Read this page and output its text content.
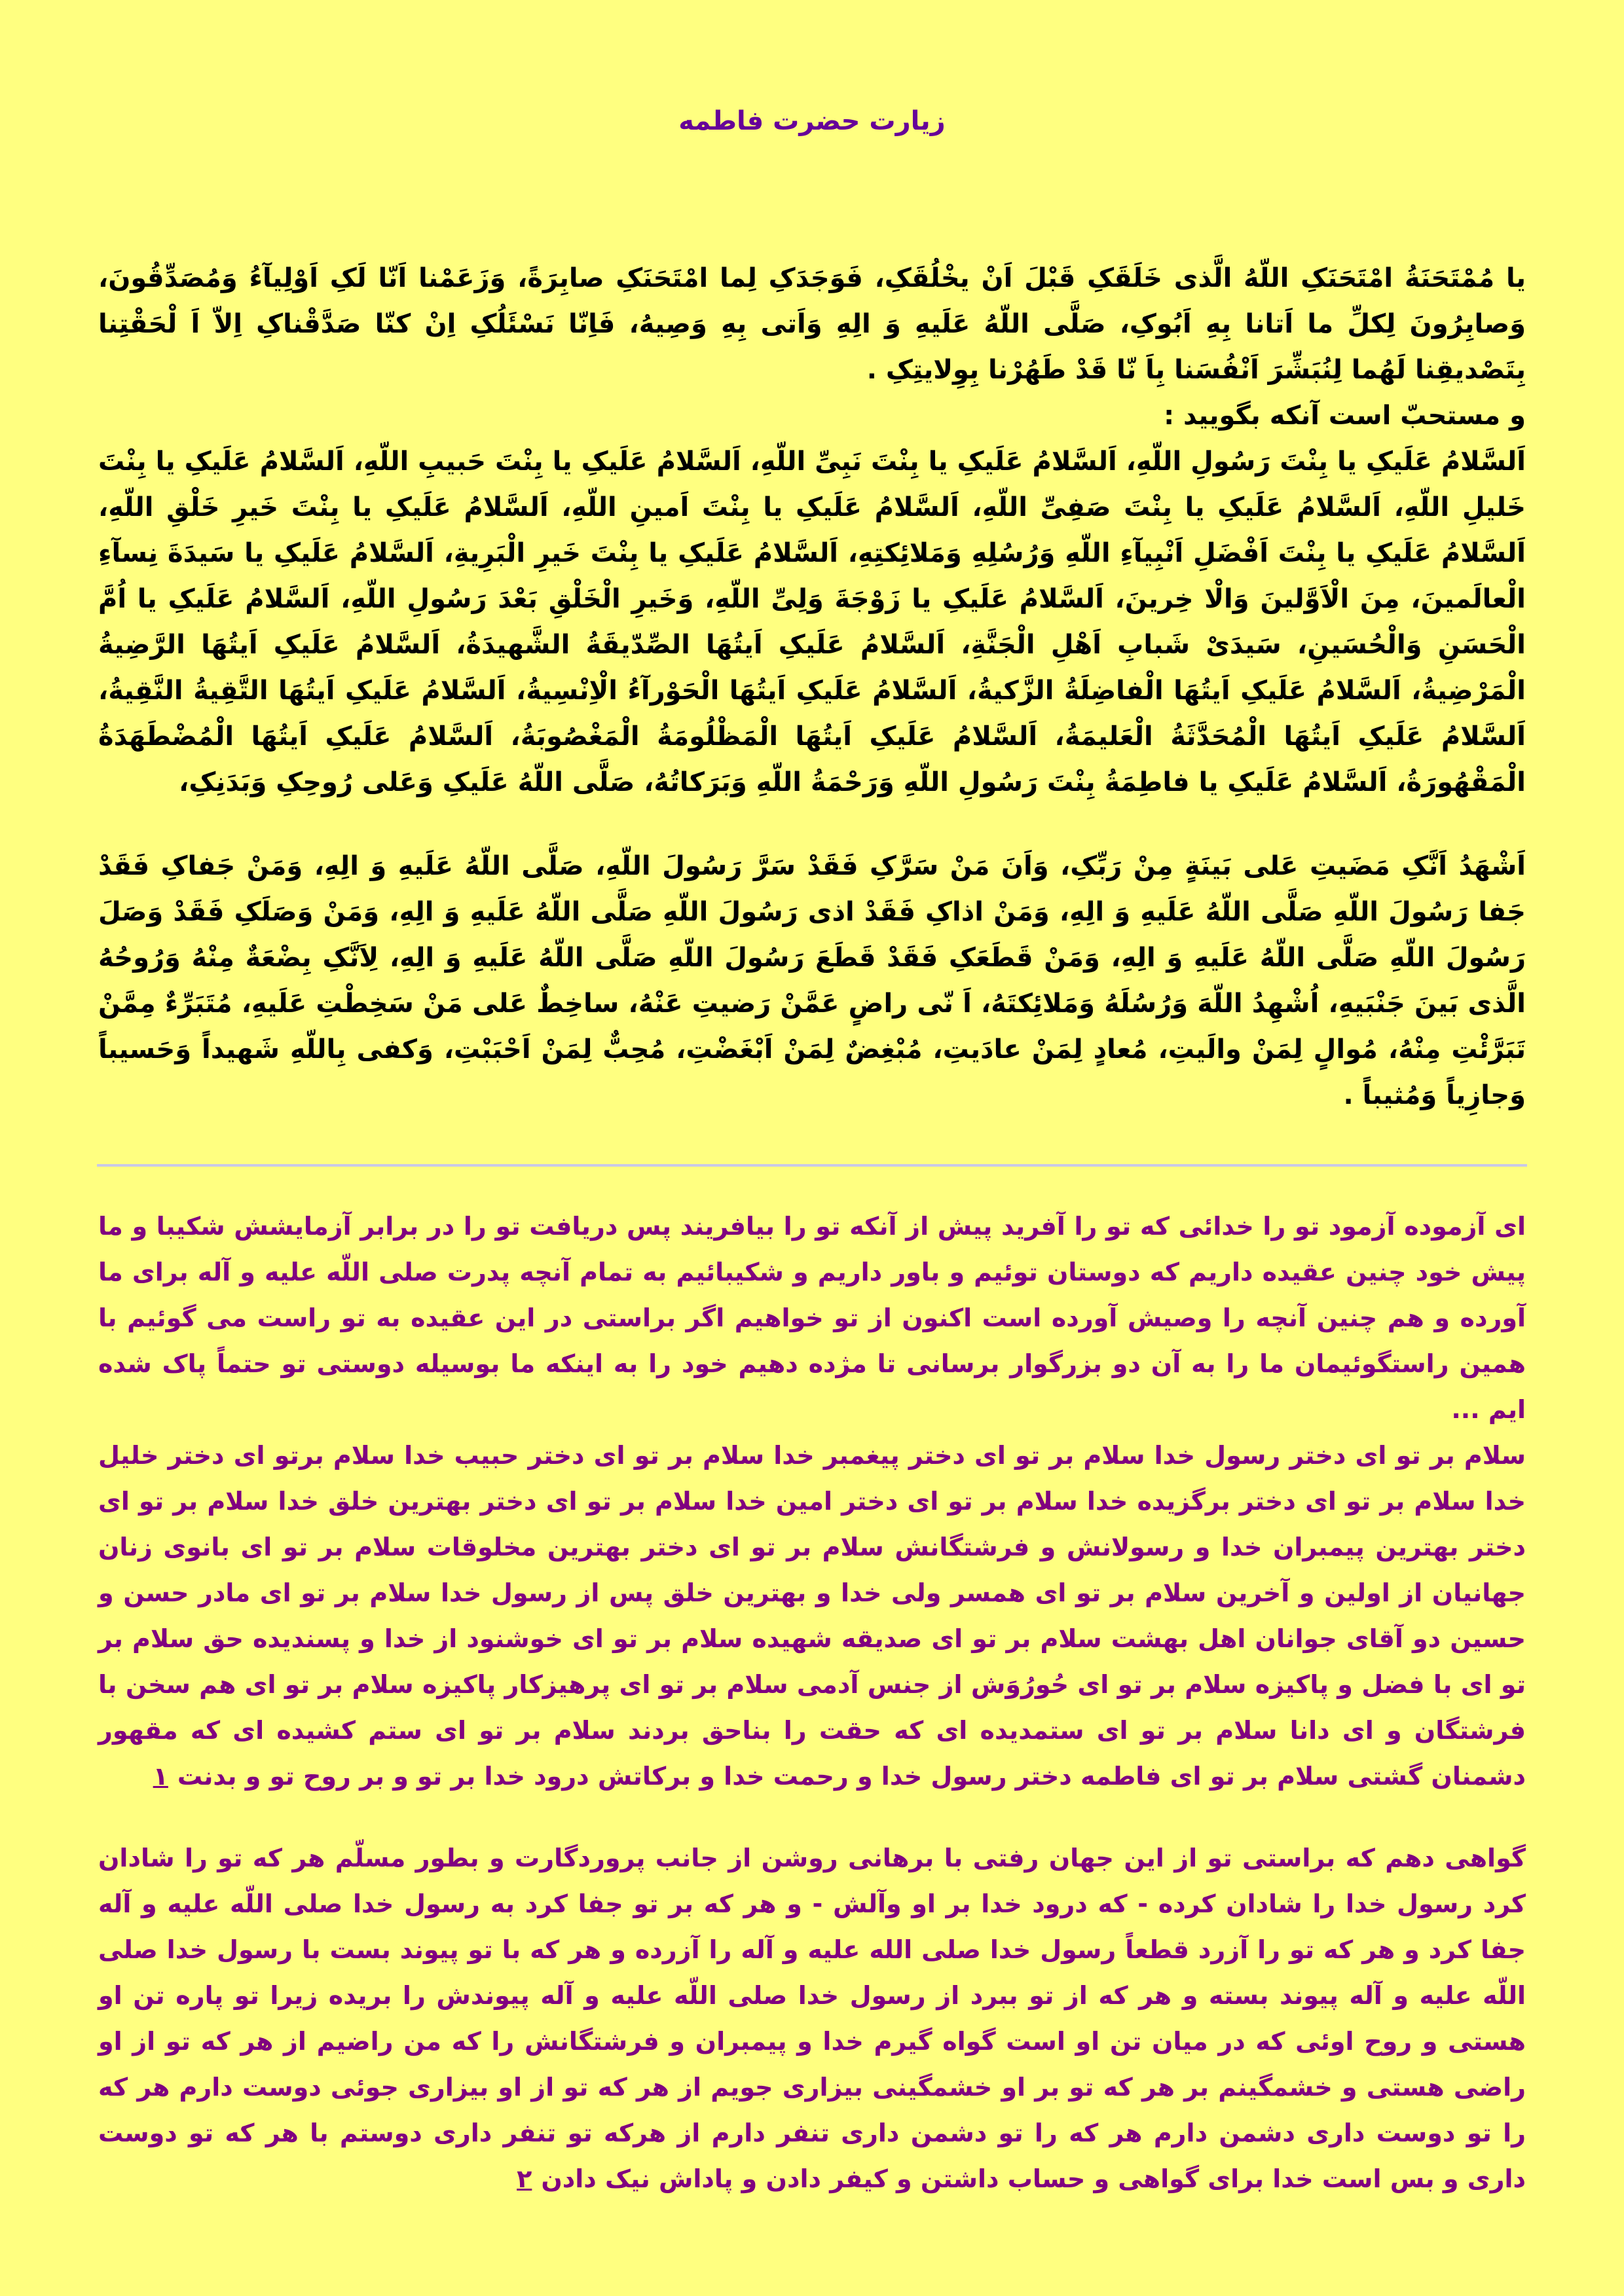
زیارت حضرت فاطمه

یا مُمْتَحَنَةُ امْتَحَنَکِ اللّهُ الَّذی خَلَقَکِ قَبْلَ اَنْ یخْلُقَکِ، فَوَجَدَکِ لِما امْتَحَنَکِ صابِرَةً، وَزَعَمْنا اَنّا لَکِ اَوْلِیآءُ وَمُصَدِّقُونَ، وَصابِرُونَ لِکلِّ ما اَتانا بِهِ اَبُوکِ، صَلَّی اللّهُ عَلَیهِ وَ الِهِ وَاَتی بِهِ وَصِیهُ، فَاِنّا نَسْئَلُکِ اِنْ کنّا صَدَّقْناکِ اِلاّ اَ لْحَقْتِنا بِتَصْدیقِنا لَهُما لِنُبَشِّرَ اَنْفُسَنا بِاَ نّا قَدْ طَهُرْنا بِوِلایتِکِ .

و مستحبّ است آنکه بگویید :

اَلسَّلامُ عَلَیکِ یا بِنْتَ رَسُولِ اللّهِ، اَلسَّلامُ عَلَیکِ یا بِنْتَ نَبِیِّ اللّهِ، اَلسَّلامُ عَلَیکِ یا بِنْتَ حَبیبِ اللّهِ، اَلسَّلامُ عَلَیکِ یا بِنْتَ خَلیلِ اللّهِ، اَلسَّلامُ عَلَیکِ یا بِنْتَ صَفِیِّ اللّهِ، اَلسَّلامُ عَلَیکِ یا بِنْتَ اَمینِ اللّهِ، اَلسَّلامُ عَلَیکِ یا بِنْتَ خَیرِ خَلْقِ اللّهِ، اَلسَّلامُ عَلَیکِ یا بِنْتَ اَفْضَلِ اَنْبِیآءِ اللّهِ وَرُسُلِهِ وَمَلائِکتِهِ، اَلسَّلامُ عَلَیکِ یا بِنْتَ خَیرِ الْبَرِیةِ، اَلسَّلامُ عَلَیکِ یا سَیدَةَ نِسآءِ الْعالَمینَ، مِنَ الْاَوَّلینَ وَالْا خِرینَ، اَلسَّلامُ عَلَیکِ یا زَوْجَةَ وَلِیِّ اللّهِ، وَخَیرِ الْخَلْقِ بَعْدَ رَسُولِ اللّهِ، اَلسَّلامُ عَلَیکِ یا اُمَّ الْحَسَنِ وَالْحُسَینِ، سَیدَیْ شَبابِ اَهْلِ الْجَنَّةِ، اَلسَّلامُ عَلَیکِ اَیتُهَا الصِّدّیقَةُ الشَّهیدَةُ، اَلسَّلامُ عَلَیکِ اَیتُهَا الرَّضِیةُ الْمَرْضِیةُ، اَلسَّلامُ عَلَیکِ اَیتُهَا الْفاضِلَةُ الزَّکیةُ، اَلسَّلامُ عَلَیکِ اَیتُهَا الْحَوْرآءُ الْاِنْسِیةُ، اَلسَّلامُ عَلَیکِ اَیتُهَا التَّقِیةُ النَّقِیةُ، اَلسَّلامُ عَلَیکِ اَیتُهَا الْمُحَدَّثَةُ الْعَلیمَةُ، اَلسَّلامُ عَلَیکِ اَیتُهَا الْمَظْلُومَةُ الْمَغْصُوبَةُ، اَلسَّلامُ عَلَیکِ اَیتُهَا الْمُضْطَهَدَةُ الْمَقْهُورَةُ، اَلسَّلامُ عَلَیکِ یا فاطِمَةُ بِنْتَ رَسُولِ اللّهِ وَرَحْمَةُ اللّهِ وَبَرَکاتُهُ، صَلَّی اللّهُ عَلَیکِ وَعَلی رُوحِکِ وَبَدَنِکِ،

اَشْهَدُ اَنَّکِ مَضَیتِ عَلی بَینَةٍ مِنْ رَبِّکِ، وَاَنَ مَنْ سَرَّکِ فَقَدْ سَرَّ رَسُولَ اللّهِ، صَلَّی اللّهُ عَلَیهِ وَ الِهِ، وَمَنْ جَفاکِ فَقَدْ جَفا رَسُولَ اللّهِ صَلَّی اللّهُ عَلَیهِ وَ الِهِ، وَمَنْ اذاکِ فَقَدْ اذی رَسُولَ اللّهِ صَلَّی اللّهُ عَلَیهِ وَ الِهِ، وَمَنْ وَصَلَکِ فَقَدْ وَصَلَ رَسُولَ اللّهِ صَلَّی اللّهُ عَلَیهِ وَ الِهِ، وَمَنْ قَطَعَکِ فَقَدْ قَطَعَ رَسُولَ اللّهِ صَلَّی اللّهُ عَلَیهِ وَ الِهِ، لِاَنَّکِ بِضْعَةٌ مِنْهُ وَرُوحُهُ الَّذی بَینَ جَنْبَیهِ، اُشْهِدُ اللّهَ وَرُسُلَهُ وَمَلائِکتَهُ، اَ نّی راضٍ عَمَّنْ رَضیتِ عَنْهُ، ساخِطٌ عَلی مَنْ سَخِطْتِ عَلَیهِ، مُتَبَرِّءٌ مِمَّنْ تَبَرَّئْتِ مِنْهُ، مُوالٍ لِمَنْ والَیتِ، مُعادٍ لِمَنْ عادَیتِ، مُبْغِضٌ لِمَنْ اَبْغَضْتِ، مُحِبٌّ لِمَنْ اَحْبَبْتِ، وَکفی بِاللّهِ شَهیداً وَحَسیباً وَجازِیاً وَمُثیباً .

ای آزموده آزمود تو را خدائی که تو را آفرید پیش از آنکه تو را بیافریند پس دریافت تو را در برابر آزمایشش شکیبا و ما پیش خود چنین عقیده داریم که دوستان توئیم و باور داریم و شکیبائیم به تمام آنچه پدرت صلی اللّه علیه و آله برای ما آورده و هم چنین آنچه را وصیش آورده است اکنون از تو خواهیم اگر براستی در این عقیده به تو راست می گوئیم با همین راستگوئیمان ما را به آن دو بزرگوار برسانی تا مژده دهیم خود را به اینکه ما بوسیله دوستی تو حتماً پاک شده ایم ...

سلام بر تو ای دختر رسول خدا سلام بر تو ای دختر پیغمبر خدا سلام بر تو ای دختر حبیب خدا سلام برتو ای دختر خلیل خدا سلام بر تو ای دختر برگزیده خدا سلام بر تو ای دختر امین خدا سلام بر تو ای دختر بهترین خلق خدا سلام بر تو ای دختر بهترین پیمبران خدا و رسولانش و فرشتگانش سلام بر تو ای دختر بهترین مخلوقات سلام بر تو ای بانوی زنان جهانیان از اولین و آخرین سلام بر تو ای همسر ولی خدا و بهترین خلق پس از رسول خدا سلام بر تو ای مادر حسن و حسین دو آقای جوانان اهل بهشت سلام بر تو ای صدیقه شهیده سلام بر تو ای خوشنود از خدا و پسندیده حق سلام بر تو ای با فضل و پاکیزه سلام بر تو ای حُورُوَش از جنس آدمی سلام بر تو ای پرهیزکار پاکیزه سلام بر تو ای هم سخن با فرشتگان و ای دانا سلام بر تو ای ستمدیده ای که حقت را بناحق بردند سلام بر تو ای ستم کشیده ای که مقهور دشمنان گشتی سلام بر تو ای فاطمه دختر رسول خدا و رحمت خدا و برکاتش درود خدا بر تو و بر روح تو و بدنت۱

گواهی دهم که براستی تو از این جهان رفتی با برهانی روشن از جانب پروردگارت و بطور مسلّم هر که تو را شادان کرد رسول خدا را شادان کرده - که درود خدا بر او وآلش - و هر که بر تو جفا کرد به رسول خدا صلی اللّه علیه و آله جفا کرد و هر که تو را آزرد قطعاً رسول خدا صلی الله علیه و آله را آزرده و هر که با تو پیوند بست با رسول خدا صلی اللّه علیه و آله پیوند بسته و هر که از تو ببرد از رسول خدا صلی اللّه علیه و آله پیوندش را بریده زیرا تو پاره تن او هستی و روح اوئی که در میان تن او است گواه گیرم خدا و پیمبران و فرشتگانش را که من راضیم از هر که تو از او راضی هستی و خشمگینم بر هر که تو بر او خشمگینی بیزاری جویم از هر که تو از او بیزاری جوئی دوست دارم هر که را تو دوست داری دشمن دارم هر که را تو دشمن داری تنفر دارم از هرکه تو تنفر داری دوستم با هر که تو دوست داری و بس است خدا برای گواهی و حساب داشتن و کیفر دادن و پاداش نیک دادن۲
